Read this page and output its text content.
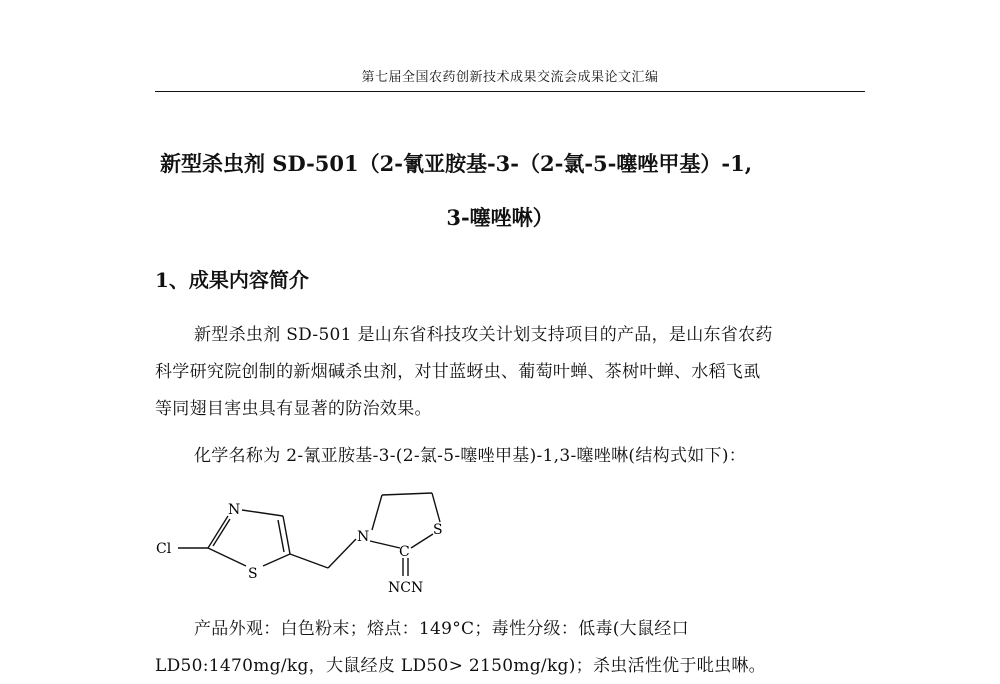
第七届全国农药创新技术成果交流会成果论文汇编
新型杀虫剂 SD-501（2-氰亚胺基-3-（2-氯-5-噻唑甲基）-1,
3-噻唑啉）
1、成果内容简介
新型杀虫剂 SD-501 是山东省科技攻关计划支持项目的产品，是山东省农药
科学研究院创制的新烟碱杀虫剂，对甘蓝蚜虫、葡萄叶蝉、茶树叶蝉、水稻飞虱
等同翅目害虫具有显著的防治效果。
化学名称为 2-氰亚胺基-3-(2-氯-5-噻唑甲基)-1,3-噻唑啉(结构式如下)：
Cl
N
S
N
C
S
NCN
产品外观：白色粉末；熔点：149°C；毒性分级：低毒(大鼠经口
LD50:1470mg/kg，大鼠经皮 LD50> 2150mg/kg)；杀虫活性优于吡虫啉。
